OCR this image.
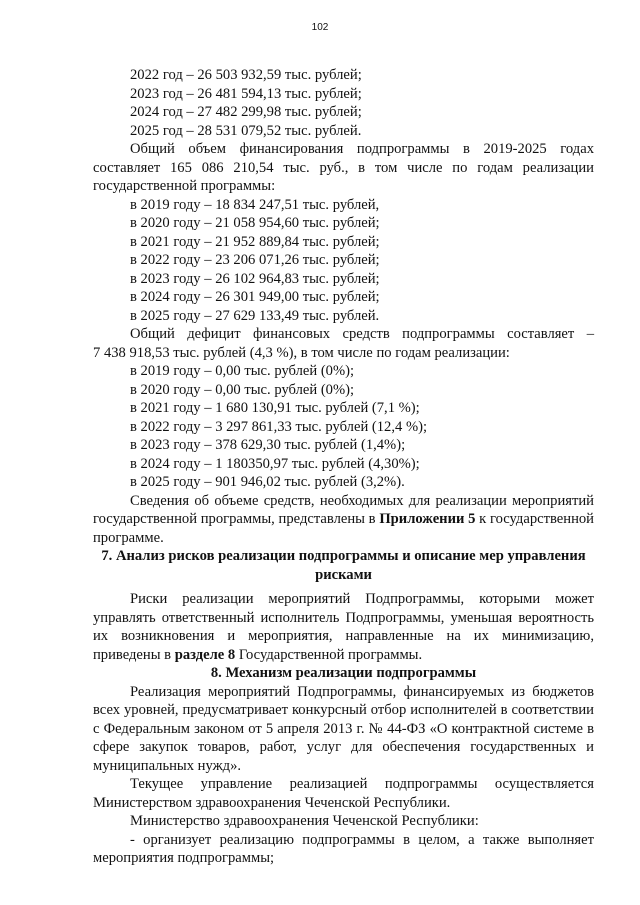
102

2022 год – 26 503 932,59 тыс. рублей;

2023 год – 26 481 594,13 тыс. рублей;

2024 год – 27 482 299,98 тыс. рублей;

2025 год – 28 531 079,52 тыс. рублей.

Общий объем финансирования подпрограммы в 2019-2025 годах

составляет 165 086 210,54 тыс. руб., в том числе по годам реализации

государственной программы:

в 2019 году – 18 834 247,51 тыс. рублей,

в 2020 году – 21 058 954,60 тыс. рублей;

в 2021 году – 21 952 889,84 тыс. рублей;

в 2022 году – 23 206 071,26 тыс. рублей;

в 2023 году – 26 102 964,83 тыс. рублей;

в 2024 году – 26 301 949,00 тыс. рублей;

в 2025 году – 27 629 133,49 тыс. рублей.

Общий дефицит финансовых средств подпрограммы составляет –

7 438 918,53 тыс. рублей (4,3 %), в том числе по годам реализации:

в 2019 году – 0,00 тыс. рублей (0%);

в 2020 году – 0,00 тыс. рублей (0%);

в 2021 году – 1 680 130,91 тыс. рублей (7,1 %);

в 2022 году – 3 297 861,33 тыс. рублей (12,4 %);

в 2023 году – 378 629,30 тыс. рублей (1,4%);

в 2024 году – 1 180350,97 тыс. рублей (4,30%);

в 2025 году – 901 946,02 тыс. рублей (3,2%).

Сведения об объеме средств, необходимых для реализации мероприятий государственной программы, представлены в Приложении 5 к государственной программе.

7. Анализ рисков реализации подпрограммы и описание мер управления рисками

Риски реализации мероприятий Подпрограммы, которыми может управлять ответственный исполнитель Подпрограммы, уменьшая вероятность их возникновения и мероприятия, направленные на их минимизацию, приведены в разделе 8 Государственной программы.

8. Механизм реализации подпрограммы

Реализация мероприятий Подпрограммы, финансируемых из бюджетов всех уровней, предусматривает конкурсный отбор исполнителей в соответствии с Федеральным законом от 5 апреля 2013 г. № 44-ФЗ «О контрактной системе в сфере закупок товаров, работ, услуг для обеспечения государственных и муниципальных нужд».

Текущее управление реализацией подпрограммы осуществляется Министерством здравоохранения Чеченской Республики.

Министерство здравоохранения Чеченской Республики:

- организует реализацию подпрограммы в целом, а также выполняет мероприятия подпрограммы;
